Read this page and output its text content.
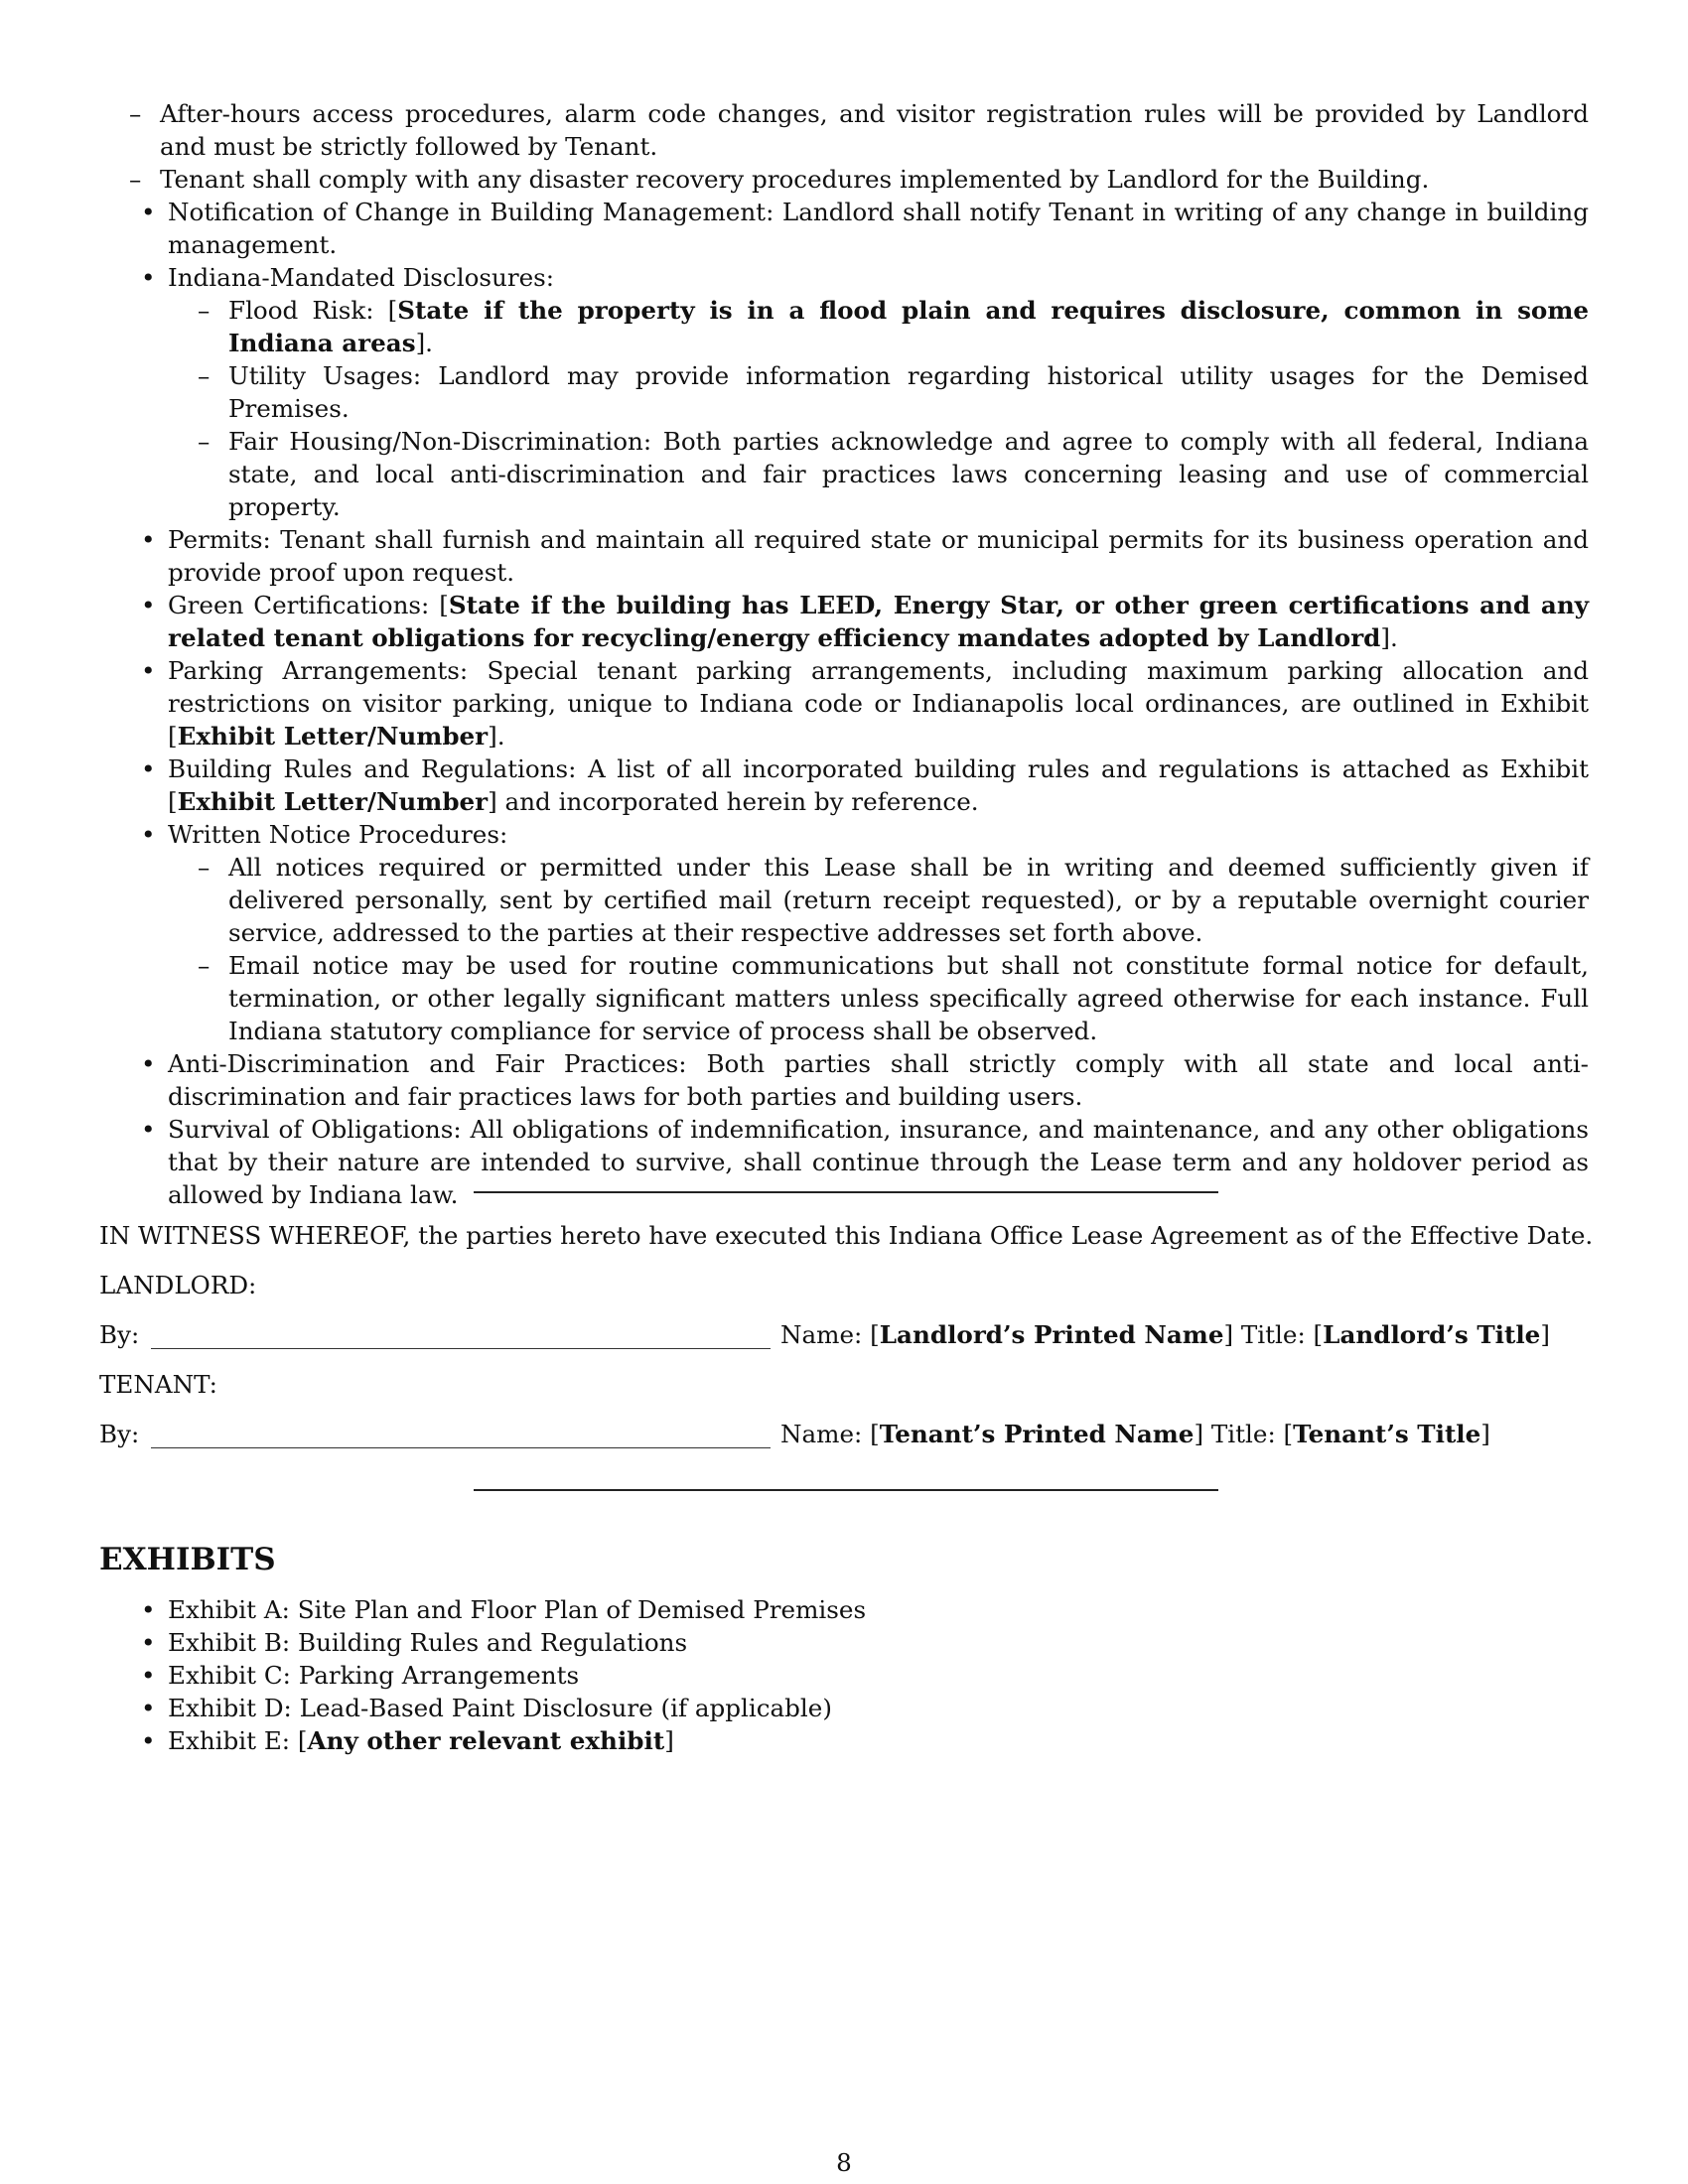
– After-hours access procedures, alarm code changes, and visitor registration rules will be provided by Landlord and must be strictly followed by Tenant.
– Tenant shall comply with any disaster recovery procedures implemented by Landlord for the Building.
• Notification of Change in Building Management: Landlord shall notify Tenant in writing of any change in building management.
• Indiana-Mandated Disclosures:
– Flood Risk: [State if the property is in a flood plain and requires disclosure, common in some Indiana areas].
– Utility Usages: Landlord may provide information regarding historical utility usages for the Demised Premises.
– Fair Housing/Non-Discrimination: Both parties acknowledge and agree to comply with all federal, Indiana state, and local anti-discrimination and fair practices laws concerning leasing and use of commercial property.
• Permits: Tenant shall furnish and maintain all required state or municipal permits for its business operation and provide proof upon request.
• Green Certifications: [State if the building has LEED, Energy Star, or other green certifications and any related tenant obligations for recycling/energy efficiency mandates adopted by Landlord].
• Parking Arrangements: Special tenant parking arrangements, including maximum parking allocation and restrictions on visitor parking, unique to Indiana code or Indianapolis local ordinances, are outlined in Exhibit [Exhibit Letter/Number].
• Building Rules and Regulations: A list of all incorporated building rules and regulations is attached as Exhibit [Exhibit Letter/Number] and incorporated herein by reference.
• Written Notice Procedures:
– All notices required or permitted under this Lease shall be in writing and deemed sufficiently given if delivered personally, sent by certified mail (return receipt requested), or by a reputable overnight courier service, addressed to the parties at their respective addresses set forth above.
– Email notice may be used for routine communications but shall not constitute formal notice for default, termination, or other legally significant matters unless specifically agreed otherwise for each instance. Full Indiana statutory compliance for service of process shall be observed.
• Anti-Discrimination and Fair Practices: Both parties shall strictly comply with all state and local anti-discrimination and fair practices laws for both parties and building users.
• Survival of Obligations: All obligations of indemnification, insurance, and maintenance, and any other obligations that by their nature are intended to survive, shall continue through the Lease term and any holdover period as allowed by Indiana law.
IN WITNESS WHEREOF, the parties hereto have executed this Indiana Office Lease Agreement as of the Effective Date.
LANDLORD:
By:	Name: [Landlord’s Printed Name] Title: [Landlord’s Title]
TENANT:
By:	Name: [Tenant’s Printed Name] Title: [Tenant’s Title]
EXHIBITS
• Exhibit A: Site Plan and Floor Plan of Demised Premises
• Exhibit B: Building Rules and Regulations
• Exhibit C: Parking Arrangements
• Exhibit D: Lead-Based Paint Disclosure (if applicable)
• Exhibit E: [Any other relevant exhibit]
8
